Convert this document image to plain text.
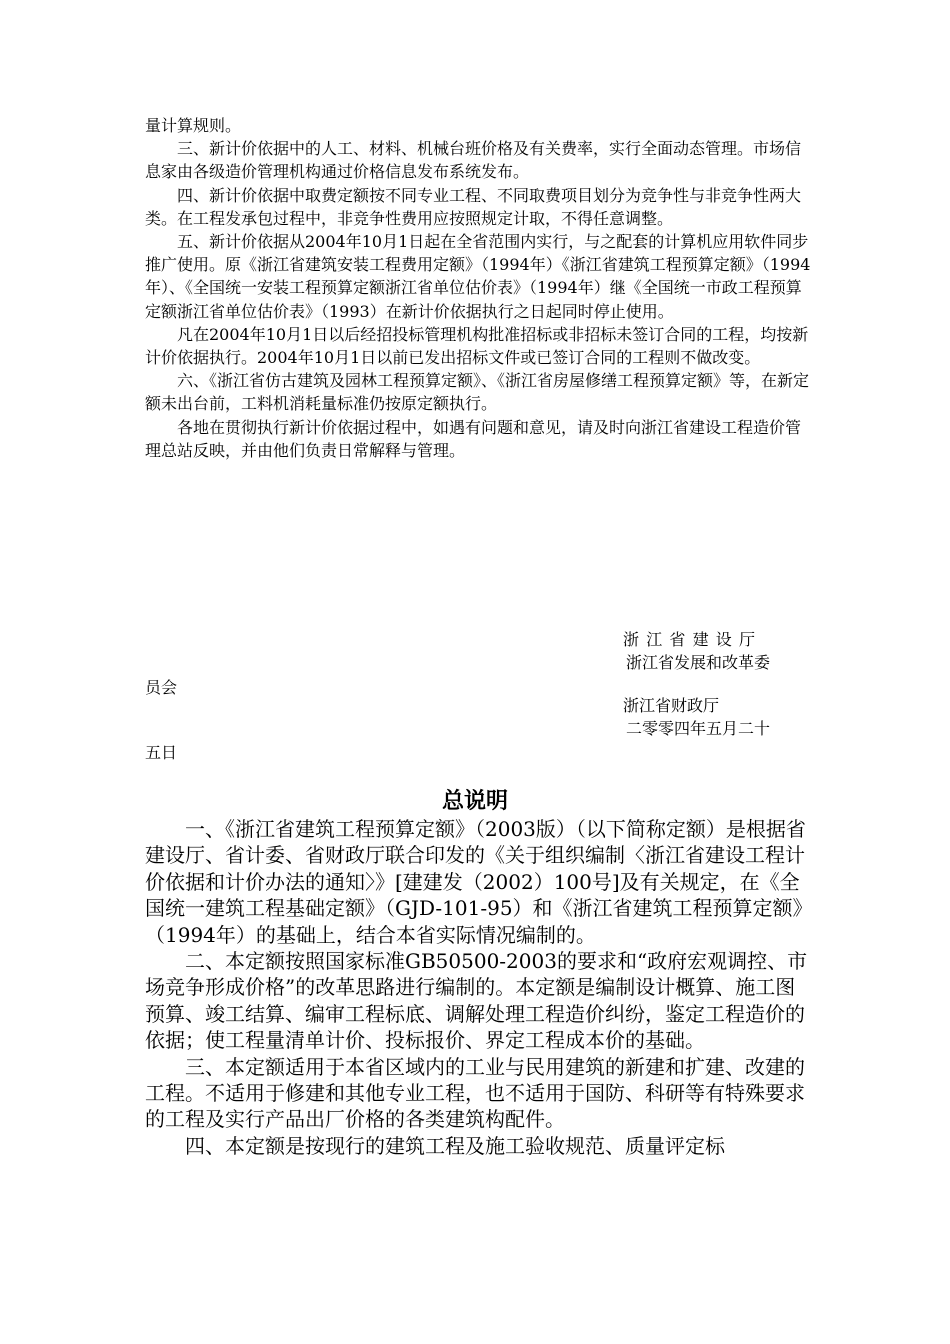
量计算规则。

三、新计价依据中的人工、材料、机械台班价格及有关费率，实行全面动态管理。市场信息家由各级造价管理机构通过价格信息发布系统发布。

四、新计价依据中取费定额按不同专业工程、不同取费项目划分为竞争性与非竞争性两大类。在工程发承包过程中，非竞争性费用应按照规定计取，不得任意调整。

五、新计价依据从2004年10月1日起在全省范围内实行，与之配套的计算机应用软件同步推广使用。原《浙江省建筑安装工程费用定额》（1994年）《浙江省建筑工程预算定额》（1994年）、《全国统一安装工程预算定额浙江省单位估价表》（1994年）继《全国统一市政工程预算定额浙江省单位估价表》（1993）在新计价依据执行之日起同时停止使用。

凡在2004年10月1日以后经招投标管理机构批准招标或非招标未签订合同的工程，均按新计价依据执行。2004年10月1日以前已发出招标文件或已签订合同的工程则不做改变。

六、《浙江省仿古建筑及园林工程预算定额》、《浙江省房屋修缮工程预算定额》等，在新定额未出台前，工料机消耗量标准仍按原定额执行。

各地在贯彻执行新计价依据过程中，如遇有问题和意见，请及时向浙江省建设工程造价管理总站反映，并由他们负责日常解释与管理。

浙江省建设厅
浙江省发展和改革委
员会
浙江省财政厅
二零零四年五月二十
五日
总说明

一、《浙江省建筑工程预算定额》（2003版）（以下简称定额）是根据省建设厅、省计委、省财政厅联合印发的《关于组织编制〈浙江省建设工程计价依据和计价办法的通知〉》[建建发（2002）100号]及有关规定，在《全国统一建筑工程基础定额》（GJD-101-95）和《浙江省建筑工程预算定额》（1994年）的基础上，结合本省实际情况编制的。

二、本定额按照国家标准GB50500-2003的要求和“政府宏观调控、市场竞争形成价格”的改革思路进行编制的。本定额是编制设计概算、施工图预算、竣工结算、编审工程标底、调解处理工程造价纠纷，鉴定工程造价的依据；使工程量清单计价、投标报价、界定工程成本价的基础。

三、本定额适用于本省区域内的工业与民用建筑的新建和扩建、改建的工程。不适用于修建和其他专业工程，也不适用于国防、科研等有特殊要求的工程及实行产品出厂价格的各类建筑构配件。

四、本定额是按现行的建筑工程及施工验收规范、质量评定标
